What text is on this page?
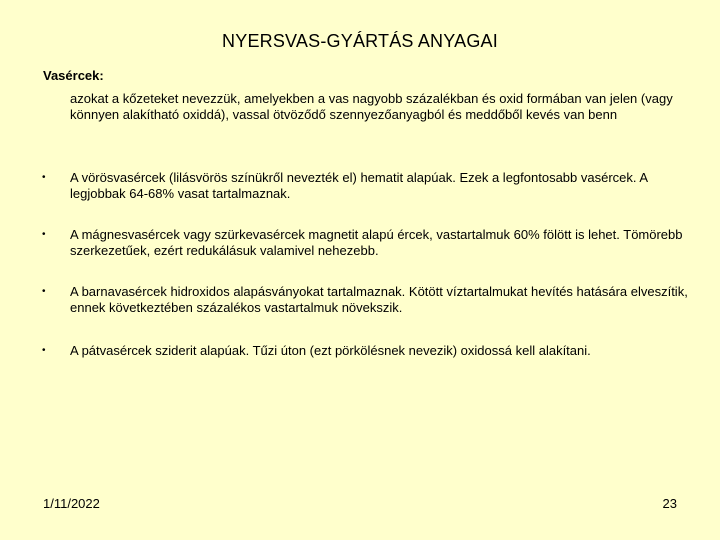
NYERSVAS-GYÁRTÁS ANYAGAI
Vasércek:
azokat a kőzeteket nevezzük, amelyekben a vas nagyobb százalékban és oxid formában van jelen (vagy könnyen alakítható oxiddá), vassal ötvöződő szennyezőanyagból és meddőből kevés van benn
• A vörösvasércek (lilásvörös színükről nevezték el) hematit alapúak. Ezek a legfontosabb vasércek. A legjobbak 64-68% vasat tartalmaznak.
• A mágnesvasércek vagy szürkevasércek magnetit alapú ércek, vastartalmuk 60% fölött is lehet. Tömörebb szerkezetűek, ezért redukálásuk valamivel nehezebb.
• A barnavasércek hidroxidos alapásványokat tartalmaznak. Kötött víztartalmukat hevítés hatására elveszítik, ennek következtében százalékos vastartalmuk növekszik.
• A pátvasércek sziderit alapúak. Tűzi úton (ezt pörkölésnek nevezik) oxidossá kell alakítani.
1/11/2022	23
